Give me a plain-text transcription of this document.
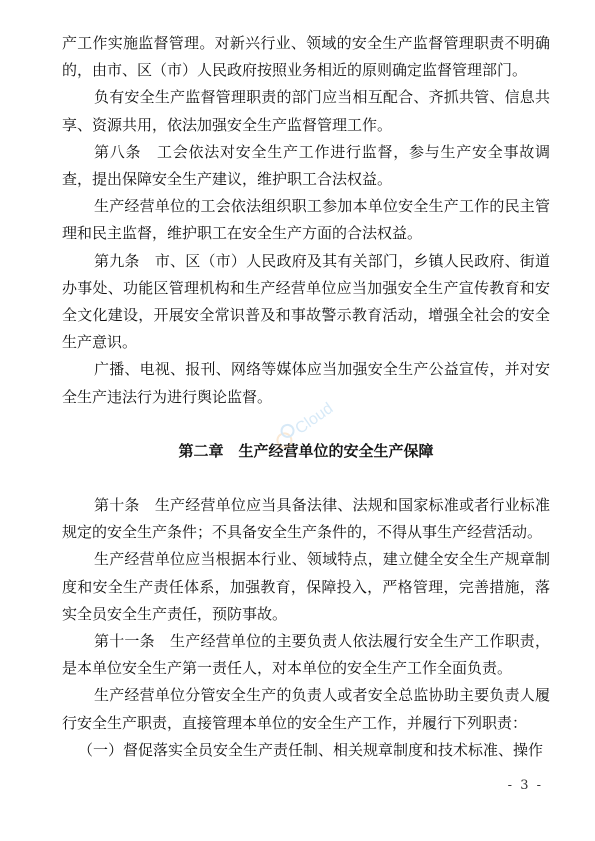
产工作实施监督管理。对新兴行业、领域的安全生产监督管理职责不明确的，由市、区（市）人民政府按照业务相近的原则确定监督管理部门。

负有安全生产监督管理职责的部门应当相互配合、齐抓共管、信息共享、资源共用，依法加强安全生产监督管理工作。

第八条　工会依法对安全生产工作进行监督，参与生产安全事故调查，提出保障安全生产建议，维护职工合法权益。

生产经营单位的工会依法组织职工参加本单位安全生产工作的民主管理和民主监督，维护职工在安全生产方面的合法权益。

第九条　市、区（市）人民政府及其有关部门，乡镇人民政府、街道办事处、功能区管理机构和生产经营单位应当加强安全生产宣传教育和安全文化建设，开展安全常识普及和事故警示教育活动，增强全社会的安全生产意识。

广播、电视、报刊、网络等媒体应当加强安全生产公益宣传，并对安全生产违法行为进行舆论监督。

第二章　生产经营单位的安全生产保障

第十条　生产经营单位应当具备法律、法规和国家标准或者行业标准规定的安全生产条件；不具备安全生产条件的，不得从事生产经营活动。

生产经营单位应当根据本行业、领域特点，建立健全安全生产规章制度和安全生产责任体系，加强教育，保障投入，严格管理，完善措施，落实全员安全生产责任，预防事故。

第十一条　生产经营单位的主要负责人依法履行安全生产工作职责，是本单位安全生产第一责任人，对本单位的安全生产工作全面负责。

生产经营单位分管安全生产的负责人或者安全总监协助主要负责人履行安全生产职责，直接管理本单位的安全生产工作，并履行下列职责：

（一）督促落实全员安全生产责任制、相关规章制度和技术标准、操作

Cloud
- 3 -
